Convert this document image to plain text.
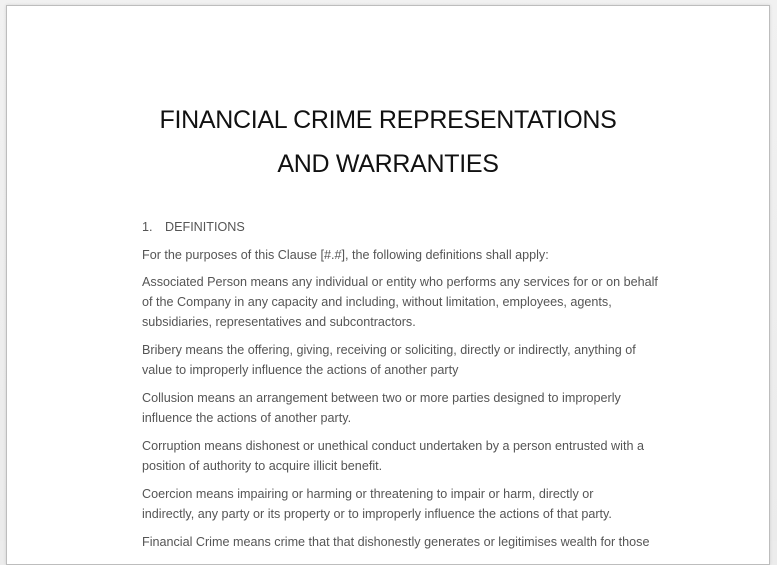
FINANCIAL CRIME REPRESENTATIONS
AND WARRANTIES
1. DEFINITIONS
For the purposes of this Clause [#.#], the following definitions shall apply:
Associated Person means any individual or entity who performs any services for or on behalf
of the Company in any capacity and including, without limitation, employees, agents,
subsidiaries, representatives and subcontractors.
Bribery means the offering, giving, receiving or soliciting, directly or indirectly, anything of
value to improperly influence the actions of another party
Collusion means an arrangement between two or more parties designed to improperly
influence the actions of another party.
Corruption means dishonest or unethical conduct undertaken by a person entrusted with a
position of authority to acquire illicit benefit.
Coercion means impairing or harming or threatening to impair or harm, directly or
indirectly, any party or its property or to improperly influence the actions of that party.
Financial Crime means crime that that dishonestly generates or legitimises wealth for those
